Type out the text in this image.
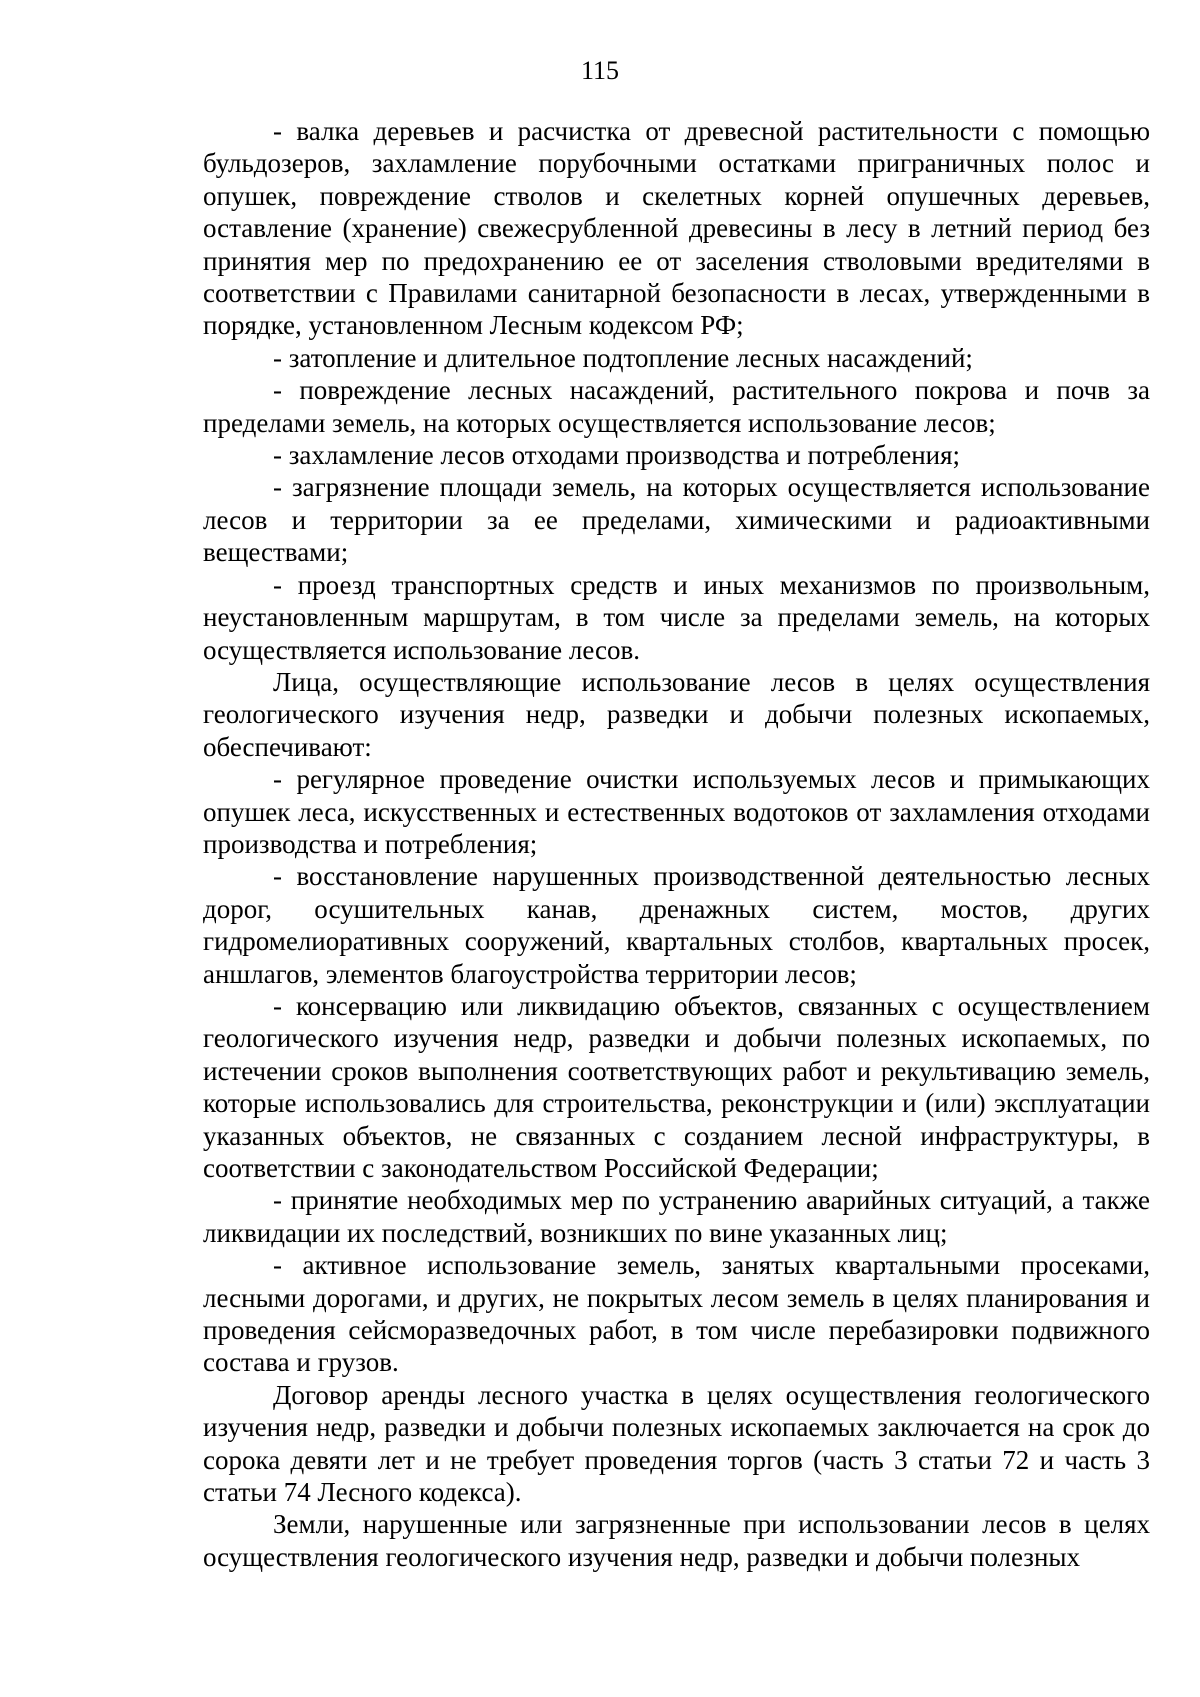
115

- валка деревьев и расчистка от древесной растительности с помощью бульдозеров, захламление порубочными остатками приграничных полос и опушек, повреждение стволов и скелетных корней опушечных деревьев, оставление (хранение) свежесрубленной древесины в лесу в летний период без принятия мер по предохранению ее от заселения стволовыми вредителями в соответствии с Правилами санитарной безопасности в лесах, утвержденными в порядке, установленном Лесным кодексом РФ;

- затопление и длительное подтопление лесных насаждений;

- повреждение лесных насаждений, растительного покрова и почв за пределами земель, на которых осуществляется использование лесов;

- захламление лесов отходами производства и потребления;

- загрязнение площади земель, на которых осуществляется использование лесов и территории за ее пределами, химическими и радиоактивными веществами;

- проезд транспортных средств и иных механизмов по произвольным, неустановленным маршрутам, в том числе за пределами земель, на которых осуществляется использование лесов.

Лица, осуществляющие использование лесов в целях осуществления геологического изучения недр, разведки и добычи полезных ископаемых, обеспечивают:

- регулярное проведение очистки используемых лесов и примыкающих опушек леса, искусственных и естественных водотоков от захламления отходами производства и потребления;

- восстановление нарушенных производственной деятельностью лесных дорог, осушительных канав, дренажных систем, мостов, других гидромелиоративных сооружений, квартальных столбов, квартальных просек, аншлагов, элементов благоустройства территории лесов;

- консервацию или ликвидацию объектов, связанных с осуществлением геологического изучения недр, разведки и добычи полезных ископаемых, по истечении сроков выполнения соответствующих работ и рекультивацию земель, которые использовались для строительства, реконструкции и (или) эксплуатации указанных объектов, не связанных с созданием лесной инфраструктуры, в соответствии с законодательством Российской Федерации;

- принятие необходимых мер по устранению аварийных ситуаций, а также ликвидации их последствий, возникших по вине указанных лиц;

- активное использование земель, занятых квартальными просеками, лесными дорогами, и других, не покрытых лесом земель в целях планирования и проведения сейсморазведочных работ, в том числе перебазировки подвижного состава и грузов.

Договор аренды лесного участка в целях осуществления геологического изучения недр, разведки и добычи полезных ископаемых заключается на срок до сорока девяти лет и не требует проведения торгов (часть 3 статьи 72 и часть 3 статьи 74 Лесного кодекса).

Земли, нарушенные или загрязненные при использовании лесов в целях осуществления геологического изучения недр, разведки и добычи полезных
